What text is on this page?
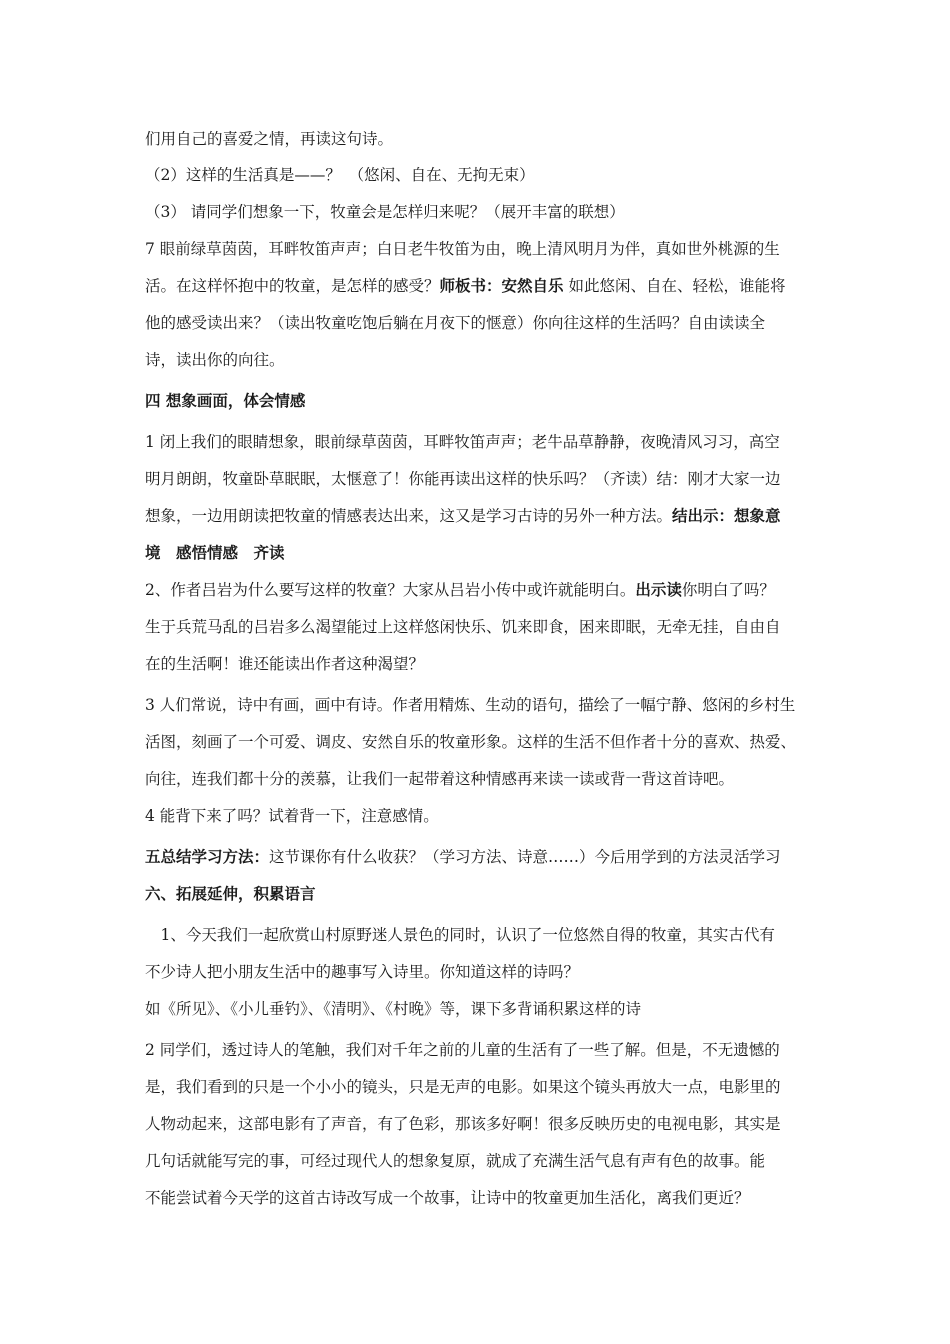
们用自己的喜爱之情，再读这句诗。
（2）这样的生活真是——？　（悠闲、自在、无拘无束）
（3） 请同学们想象一下，牧童会是怎样归来呢？（展开丰富的联想）
7 眼前绿草茵茵，耳畔牧笛声声；白日老牛牧笛为由，晚上清风明月为伴，真如世外桃源的生
活。在这样怀抱中的牧童，是怎样的感受？师板书：安然自乐 如此悠闲、自在、轻松，谁能将
他的感受读出来？（读出牧童吃饱后躺在月夜下的惬意）你向往这样的生活吗？自由读读全
诗，读出你的向往。
四 想象画面，体会情感
1 闭上我们的眼睛想象，眼前绿草茵茵，耳畔牧笛声声；老牛品草静静，夜晚清风习习，高空
明月朗朗，牧童卧草眠眠，太惬意了！你能再读出这样的快乐吗？（齐读）结：刚才大家一边
想象，一边用朗读把牧童的情感表达出来，这又是学习古诗的另外一种方法。结出示：想象意
境　感悟情感　齐读
2、作者吕岩为什么要写这样的牧童？大家从吕岩小传中或许就能明白。出示读你明白了吗？
生于兵荒马乱的吕岩多么渴望能过上这样悠闲快乐、饥来即食，困来即眠，无牵无挂，自由自
在的生活啊！谁还能读出作者这种渴望？
3 人们常说，诗中有画，画中有诗。作者用精炼、生动的语句，描绘了一幅宁静、悠闲的乡村生
活图，刻画了一个可爱、调皮、安然自乐的牧童形象。这样的生活不但作者十分的喜欢、热爱、
向往，连我们都十分的羡慕，让我们一起带着这种情感再来读一读或背一背这首诗吧。
4 能背下来了吗？试着背一下，注意感情。
五总结学习方法：这节课你有什么收获？（学习方法、诗意……）今后用学到的方法灵活学习
六、拓展延伸，积累语言
　1、今天我们一起欣赏山村原野迷人景色的同时，认识了一位悠然自得的牧童，其实古代有
不少诗人把小朋友生活中的趣事写入诗里。你知道这样的诗吗？
如《所见》、《小儿垂钓》、《清明》、《村晚》等，课下多背诵积累这样的诗
2 同学们，透过诗人的笔触，我们对千年之前的儿童的生活有了一些了解。但是，不无遗憾的
是，我们看到的只是一个小小的镜头，只是无声的电影。如果这个镜头再放大一点，电影里的
人物动起来，这部电影有了声音，有了色彩，那该多好啊！很多反映历史的电视电影，其实是
几句话就能写完的事，可经过现代人的想象复原，就成了充满生活气息有声有色的故事。能
不能尝试着今天学的这首古诗改写成一个故事，让诗中的牧童更加生活化，离我们更近？
